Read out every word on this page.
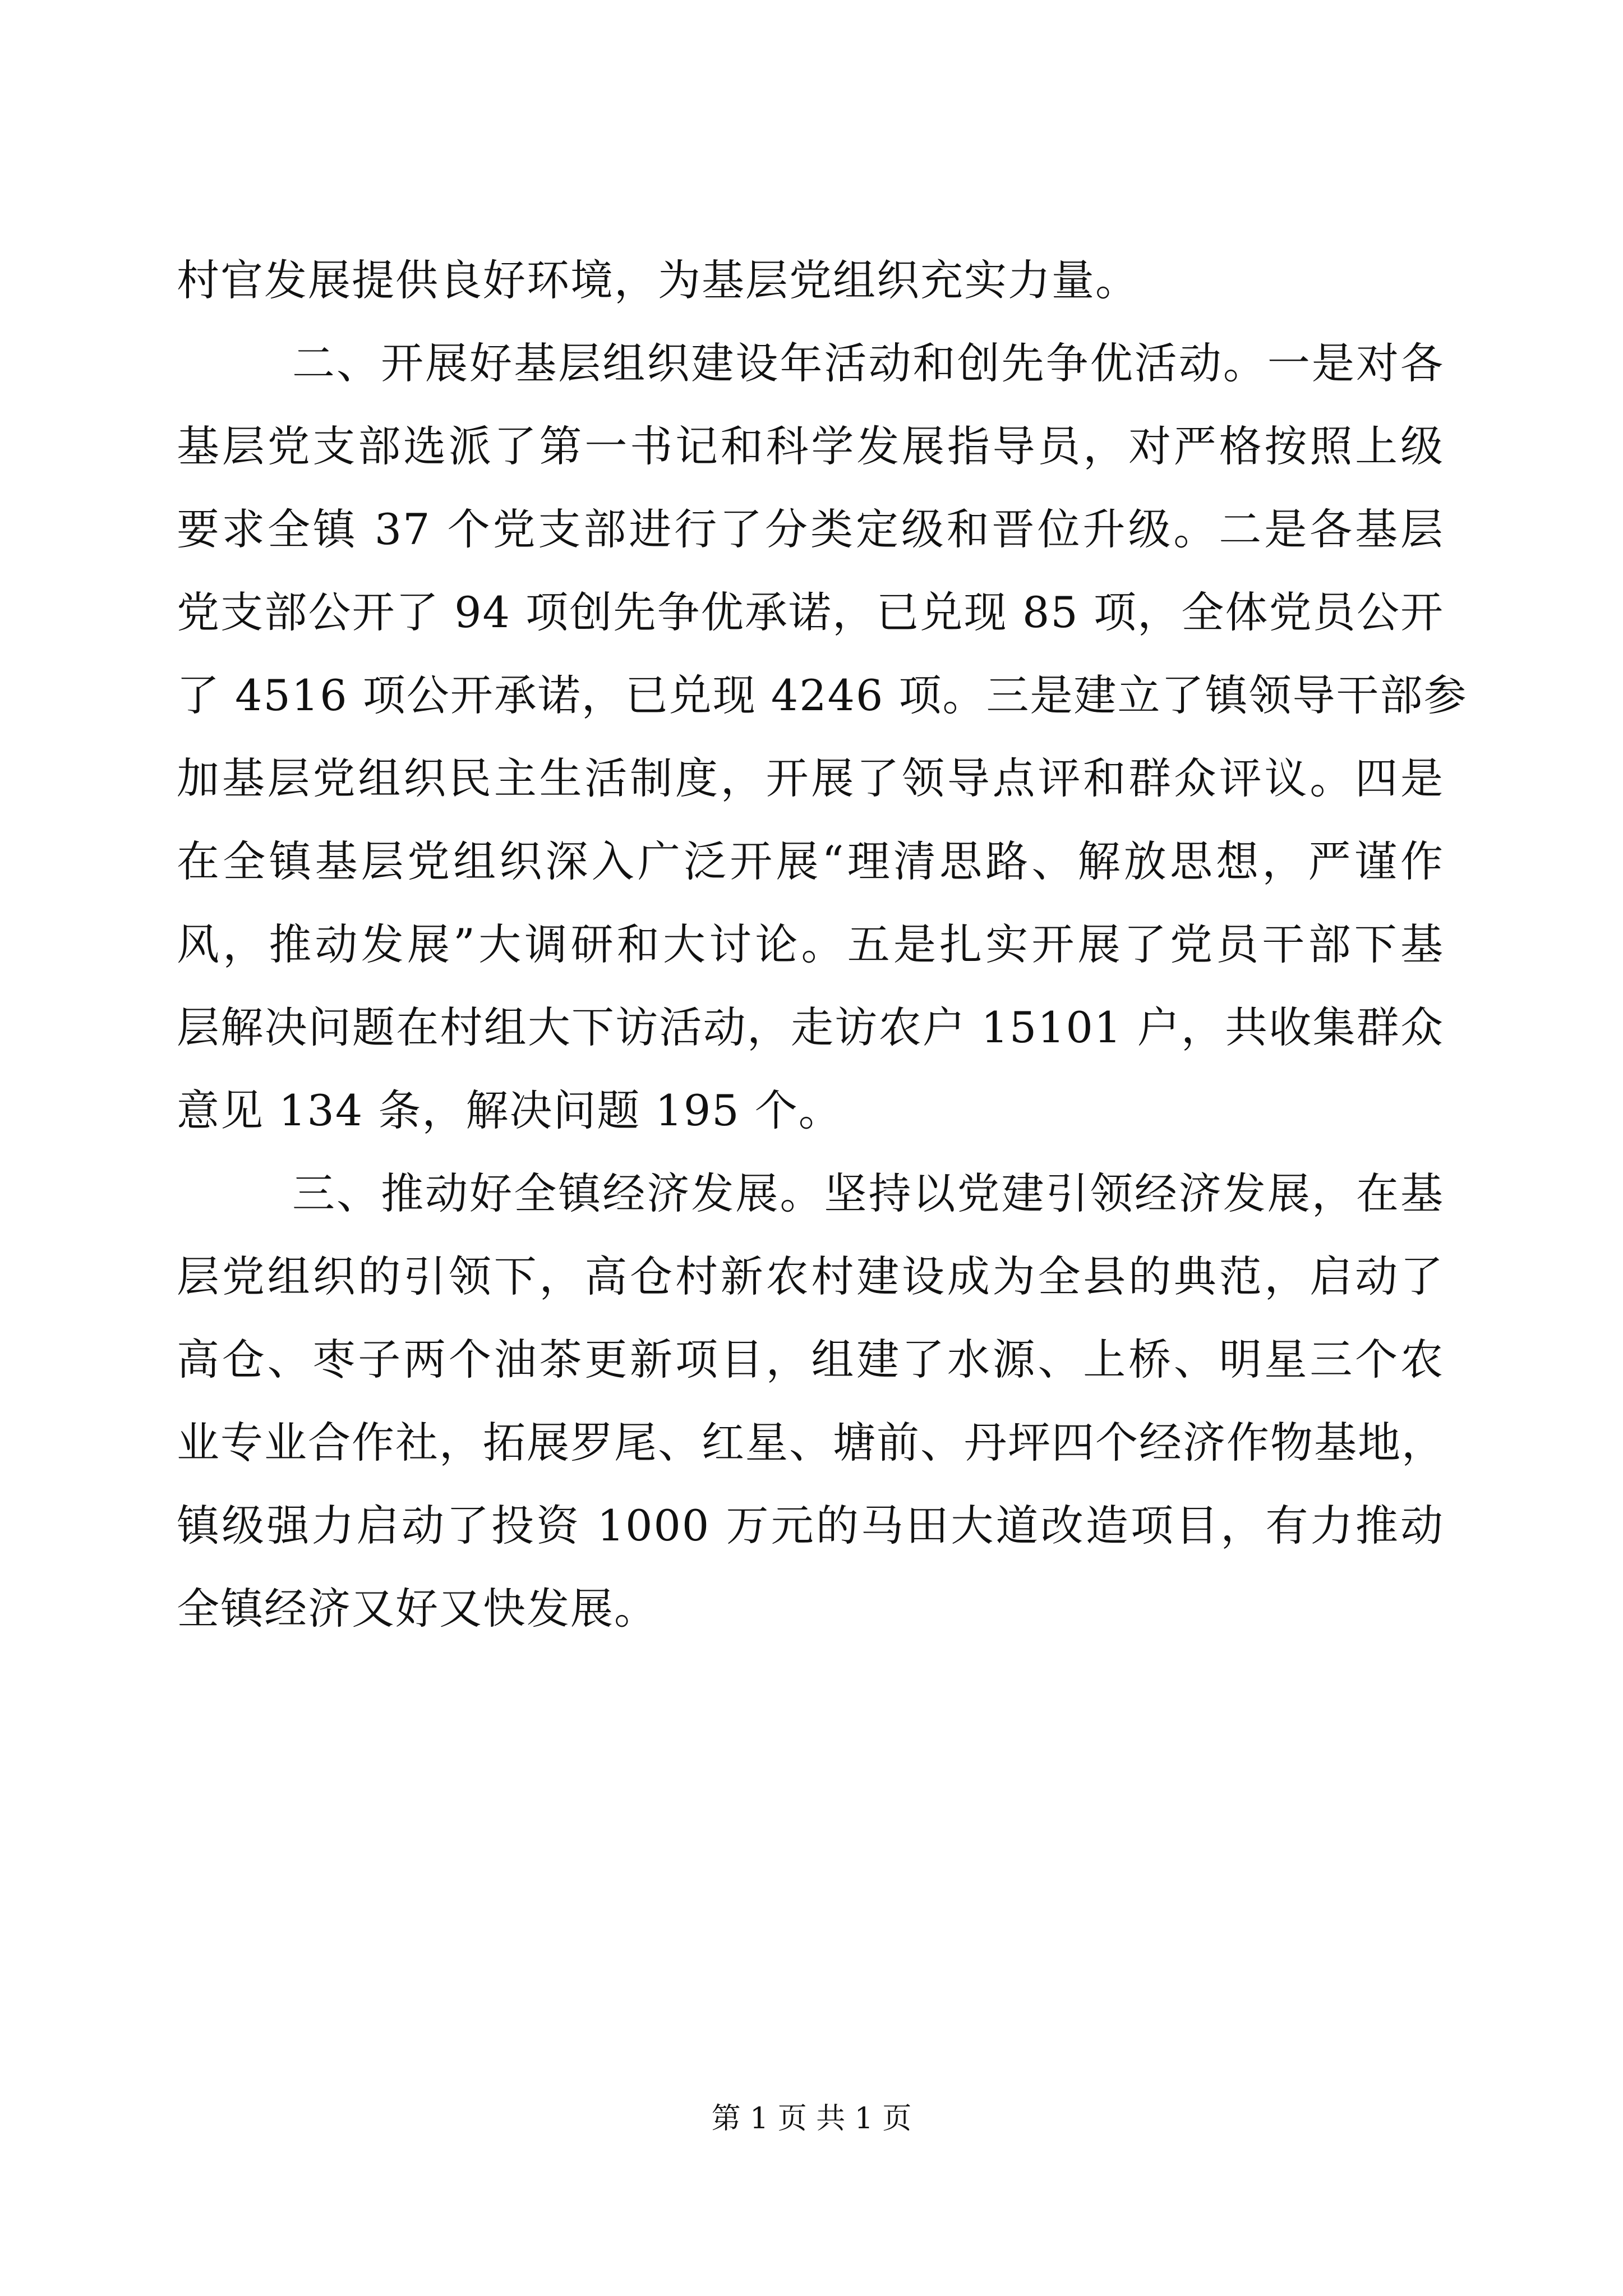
村官发展提供良好环境，为基层党组织充实力量。
二、开展好基层组织建设年活动和创先争优活动。一是对各
基层党支部选派了第一书记和科学发展指导员，对严格按照上级
要求全镇 37 个党支部进行了分类定级和晋位升级。二是各基层
党支部公开了 94 项创先争优承诺，已兑现 85 项，全体党员公开
了 4516 项公开承诺，已兑现 4246 项。三是建立了镇领导干部参
加基层党组织民主生活制度，开展了领导点评和群众评议。四是
在全镇基层党组织深入广泛开展“理清思路、解放思想，严谨作
风，推动发展”大调研和大讨论。五是扎实开展了党员干部下基
层解决问题在村组大下访活动，走访农户 15101 户，共收集群众
意见 134 条，解决问题 195 个。
三、推动好全镇经济发展。坚持以党建引领经济发展，在基
层党组织的引领下，高仓村新农村建设成为全县的典范，启动了
高仓、枣子两个油茶更新项目，组建了水源、上桥、明星三个农
业专业合作社，拓展罗尾、红星、塘前、丹坪四个经济作物基地，
镇级强力启动了投资 1000 万元的马田大道改造项目，有力推动
全镇经济又好又快发展。
第 1 页 共 1 页
